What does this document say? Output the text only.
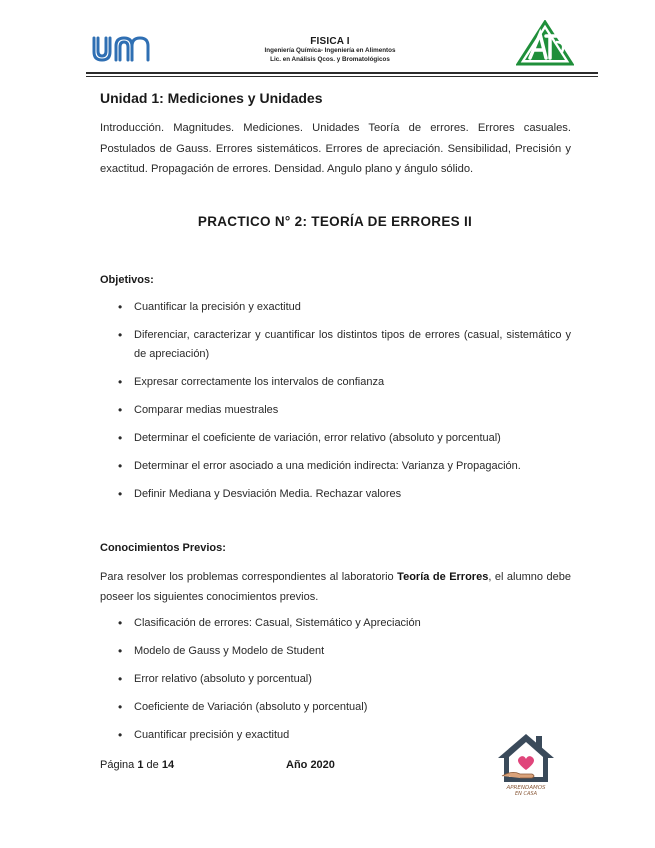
FISICA I
Ingeniería Química- Ingeniería en Alimentos
Lic. en Análisis Qcos. y Bromatológicos
Unidad 1: Mediciones y Unidades
Introducción. Magnitudes. Mediciones. Unidades Teoría de errores. Errores casuales. Postulados de Gauss. Errores sistemáticos. Errores de apreciación. Sensibilidad, Precisión y exactitud. Propagación de errores. Densidad. Angulo plano y ángulo sólido.
PRACTICO N° 2: TEORÍA DE ERRORES II
Objetivos:
• Cuantificar la precisión y exactitud
• Diferenciar, caracterizar y cuantificar los distintos tipos de errores (casual, sistemático y de apreciación)
• Expresar correctamente los intervalos de confianza
• Comparar medias muestrales
• Determinar el coeficiente de variación, error relativo (absoluto y porcentual)
• Determinar el error asociado a una medición indirecta: Varianza y Propagación.
• Definir Mediana y Desviación Media. Rechazar valores
Conocimientos Previos:
Para resolver los problemas correspondientes al laboratorio Teoría de Errores, el alumno debe poseer los siguientes conocimientos previos.
• Clasificación de errores: Casual, Sistemático y Apreciación
• Modelo de Gauss y Modelo de Student
• Error relativo (absoluto y porcentual)
• Coeficiente de Variación (absoluto y porcentual)
• Cuantificar precisión y exactitud
Página 1 de 14	Año 2020
APRENDAMOS
EN CASA
